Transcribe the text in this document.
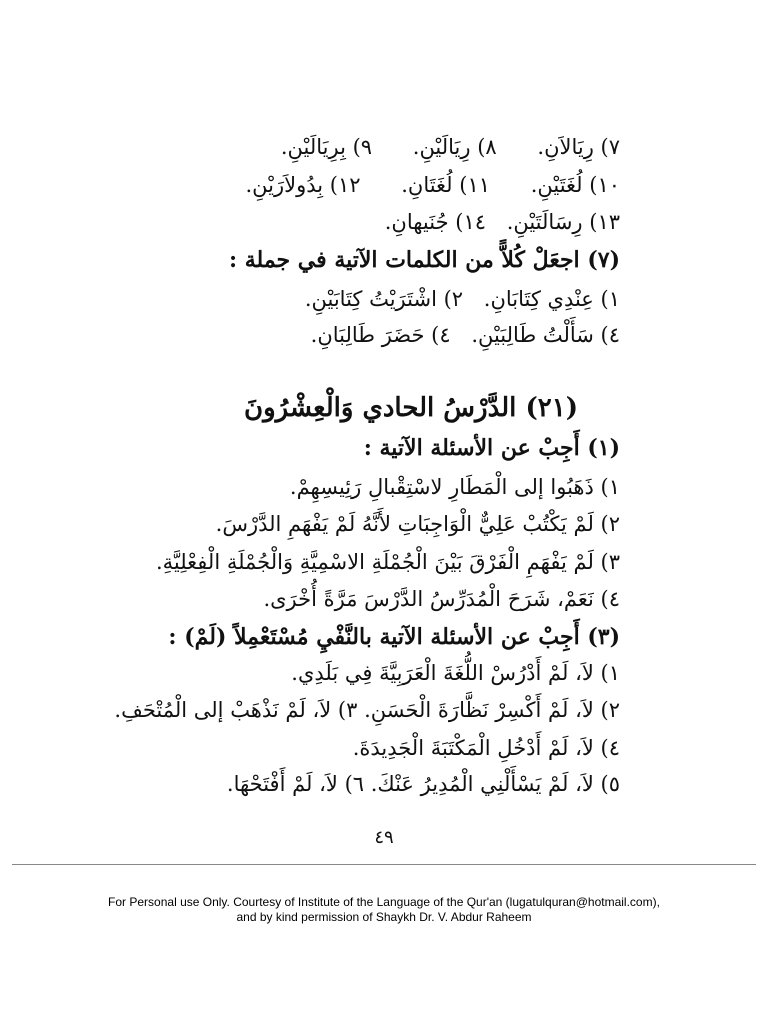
٧) رِيَالاَنِ. ٨) رِيَالَيْنِ. ٩) بِرِيَالَيْنِ.
١٠) لُغَتَيْنِ. ١١) لُغَتَانِ. ١٢) بِدُولاَرَيْنِ.
١٣) رِسَالَتَيْنِ. ١٤) جُنَيهانِ.
(٧) اجعَلْ كُلاًّ من الكلمات الآتية في جملة :
١) عِنْدِي كِتَابَانِ. ٢) اشْتَرَيْتُ كِتَابَيْنِ.
٤) سَأَلْتُ طَالِبَيْنِ. ٤) حَضَرَ طَالِبَانِ.
(٢١) الدَّرْسُ الحادي وَالْعِشْرُونَ
(١) أَجِبْ عن الأسئلة الآتية :
١) ذَهَبُوا إلى الْمَطَارِ لاسْتِقْبالِ رَئِيسِهِمْ.
٢) لَمْ يَكْتُبْ عَلِيٌّ الْوَاجِبَاتِ لأَنَّهُ لَمْ يَفْهَمِ الدَّرْسَ.
٣) لَمْ يَفْهَمِ الْفَرْقَ بَيْنَ الْجُمْلَةِ الاسْمِيَّةِ وَالْجُمْلَةِ الْفِعْلِيَّةِ.
٤) نَعَمْ، شَرَحَ الْمُدَرِّسُ الدَّرْسَ مَرَّةً أُخْرَى.
(٣) أَجِبْ عن الأسئلة الآتية بالنَّفْيِ مُسْتَعْمِلاً (لَمْ) :
١) لاَ، لَمْ أَدْرُسْ اللُّغَةَ الْعَرَبِيَّةَ فِي بَلَدِي.
٢) لاَ، لَمْ أَكْسِرْ نَظَّارَةَ الْحَسَنِ. ٣) لاَ، لَمْ نَذْهَبْ إلى الْمُتْحَفِ.
٤) لاَ، لَمْ أَدْخُلِ الْمَكْتَبَةَ الْجَدِيدَةَ.
٥) لاَ، لَمْ يَسْأَلْنِي الْمُدِيرُ عَنْكَ. ٦) لاَ، لَمْ أَفْتَحْهَا.
٤٩
For Personal use Only. Courtesy of Institute of the Language of the Qur'an (lugatulquran@hotmail.com),
and by kind permission of Shaykh Dr. V. Abdur Raheem
